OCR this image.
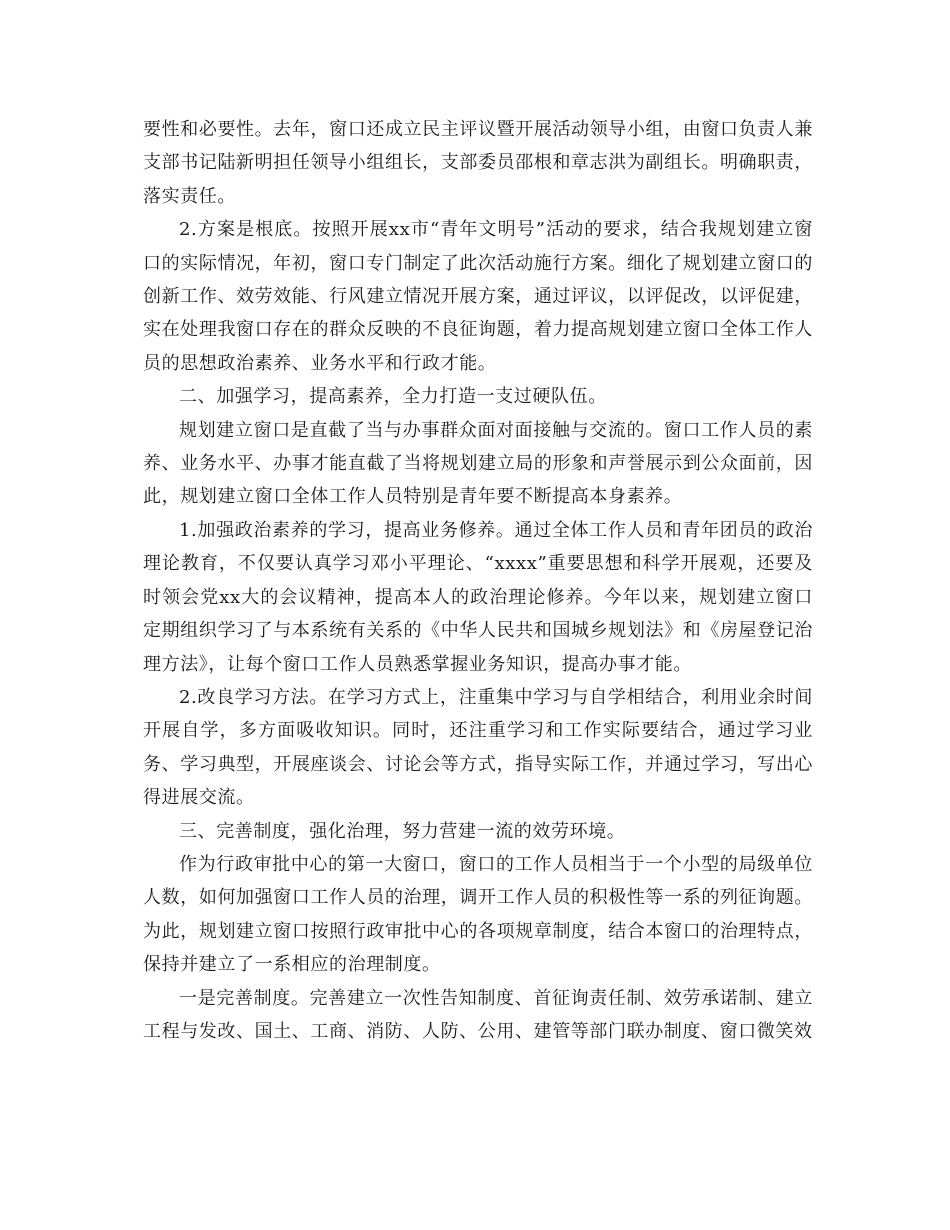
要性和必要性。去年，窗口还成立民主评议暨开展活动领导小组，由窗口负责人兼支部书记陆新明担任领导小组组长，支部委员邵根和章志洪为副组长。明确职责，落实责任。

2.方案是根底。按照开展xx市“青年文明号”活动的要求，结合我规划建立窗口的实际情况，年初，窗口专门制定了此次活动施行方案。细化了规划建立窗口的创新工作、效劳效能、行风建立情况开展方案，通过评议，以评促改，以评促建，实在处理我窗口存在的群众反映的不良征询题，着力提高规划建立窗口全体工作人员的思想政治素养、业务水平和行政才能。

二、加强学习，提高素养，全力打造一支过硬队伍。

规划建立窗口是直截了当与办事群众面对面接触与交流的。窗口工作人员的素养、业务水平、办事才能直截了当将规划建立局的形象和声誉展示到公众面前，因此，规划建立窗口全体工作人员特别是青年要不断提高本身素养。

1.加强政治素养的学习，提高业务修养。通过全体工作人员和青年团员的政治理论教育，不仅要认真学习邓小平理论、“xxxx”重要思想和科学开展观，还要及时领会党xx大的会议精神，提高本人的政治理论修养。今年以来，规划建立窗口定期组织学习了与本系统有关系的《中华人民共和国城乡规划法》和《房屋登记治理方法》，让每个窗口工作人员熟悉掌握业务知识，提高办事才能。

2.改良学习方法。在学习方式上，注重集中学习与自学相结合，利用业余时间开展自学，多方面吸收知识。同时，还注重学习和工作实际要结合，通过学习业务、学习典型，开展座谈会、讨论会等方式，指导实际工作，并通过学习，写出心得进展交流。

三、完善制度，强化治理，努力营建一流的效劳环境。

作为行政审批中心的第一大窗口，窗口的工作人员相当于一个小型的局级单位人数，如何加强窗口工作人员的治理，调开工作人员的积极性等一系的列征询题。为此，规划建立窗口按照行政审批中心的各项规章制度，结合本窗口的治理特点，保持并建立了一系相应的治理制度。

一是完善制度。完善建立一次性告知制度、首征询责任制、效劳承诺制、建立工程与发改、国土、工商、消防、人防、公用、建管等部门联办制度、窗口微笑效
